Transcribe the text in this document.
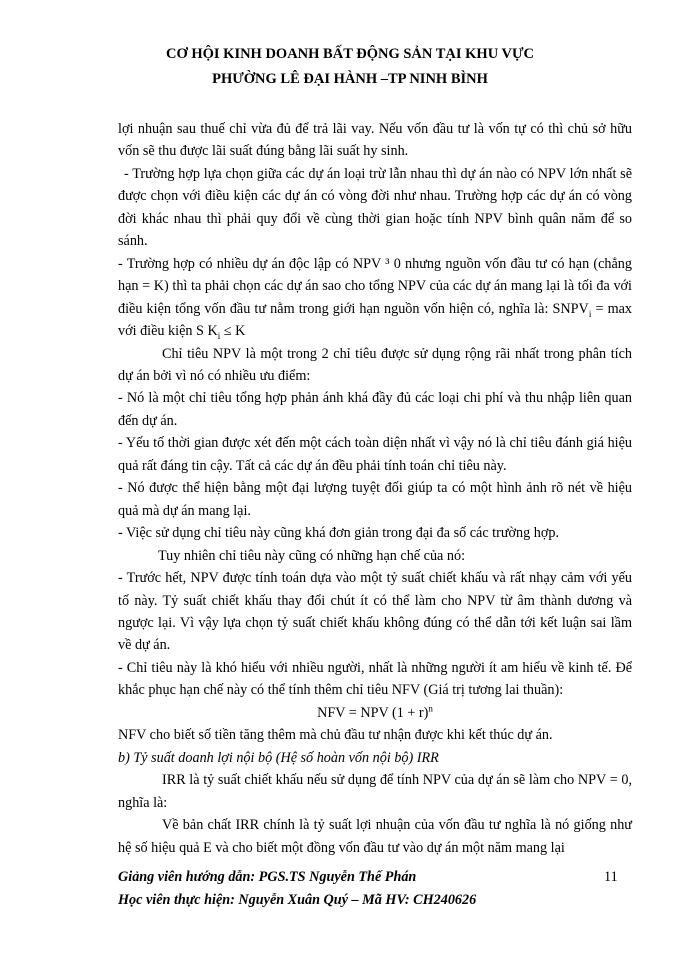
CƠ HỘI KINH DOANH BẤT ĐỘNG SẢN TẠI KHU VỰC
PHƯỜNG LÊ ĐẠI HÀNH –TP NINH BÌNH

lợi nhuận sau thuế chỉ vừa đủ để trả lãi vay. Nếu vốn đầu tư là vốn tự có thì chủ sở hữu vốn sẽ thu được lãi suất đúng bằng lãi suất hy sinh.

- Trường hợp lựa chọn giữa các dự án loại trừ lẫn nhau thì dự án nào có NPV lớn nhất sẽ được chọn với điều kiện các dự án có vòng đời như nhau. Trường hợp các dự án có vòng đời khác nhau thì phải quy đổi về cùng thời gian hoặc tính NPV bình quân năm để so sánh.

- Trường hợp có nhiều dự án độc lập có NPV ³ 0 nhưng nguồn vốn đầu tư có hạn (chẳng hạn = K) thì ta phải chọn các dự án sao cho tổng NPV của các dự án mang lại là tối đa với điều kiện tổng vốn đầu tư nằm trong giới hạn nguồn vốn hiện có, nghĩa là: $SNPV_i = \max$ với điều kiện S $K_i \le K$

Chỉ tiêu NPV là một trong 2 chỉ tiêu được sử dụng rộng rãi nhất trong phân tích dự án bởi vì nó có nhiều ưu điểm:

- Nó là một chỉ tiêu tổng hợp phản ánh khá đầy đủ các loại chi phí và thu nhập liên quan đến dự án.

- Yếu tố thời gian được xét đến một cách toàn diện nhất vì vậy nó là chỉ tiêu đánh giá hiệu quả rất đáng tin cậy. Tất cả các dự án đều phải tính toán chỉ tiêu này.

- Nó được thể hiện bằng một đại lượng tuyệt đối giúp ta có một hình ảnh rõ nét về hiệu quả mà dự án mang lại.

- Việc sử dụng chỉ tiêu này cũng khá đơn giản trong đại đa số các trường hợp.

Tuy nhiên chỉ tiêu này cũng có những hạn chế của nó:

- Trước hết, NPV được tính toán dựa vào một tỷ suất chiết khấu và rất nhạy cảm với yếu tố này. Tỷ suất chiết khấu thay đổi chút ít có thể làm cho NPV từ âm thành dương và ngược lại. Vì vậy lựa chọn tỷ suất chiết khấu không đúng có thể dẫn tới kết luận sai lầm về dự án.

- Chỉ tiêu này là khó hiểu với nhiều người, nhất là những người ít am hiểu về kinh tế. Để khắc phục hạn chế này có thể tính thêm chỉ tiêu NFV (Giá trị tương lai thuần):

NFV = NPV $(1 + r)^n$

NFV cho biết số tiền tăng thêm mà chủ đầu tư nhận được khi kết thúc dự án.

b) Tỷ suất doanh lợi nội bộ (Hệ số hoàn vốn nội bộ) IRR

IRR là tỷ suất chiết khấu nếu sử dụng để tính NPV của dự án sẽ làm cho NPV = 0, nghĩa là:

Về bản chất IRR chính là tỷ suất lợi nhuận của vốn đầu tư nghĩa là nó giống như hệ số hiệu quả E và cho biết một đồng vốn đầu tư vào dự án một năm mang lại

Giảng viên hướng dẫn: PGS.TS Nguyễn Thế Phán	11
Học viên thực hiện: Nguyễn Xuân Quý – Mã HV: CH240626
